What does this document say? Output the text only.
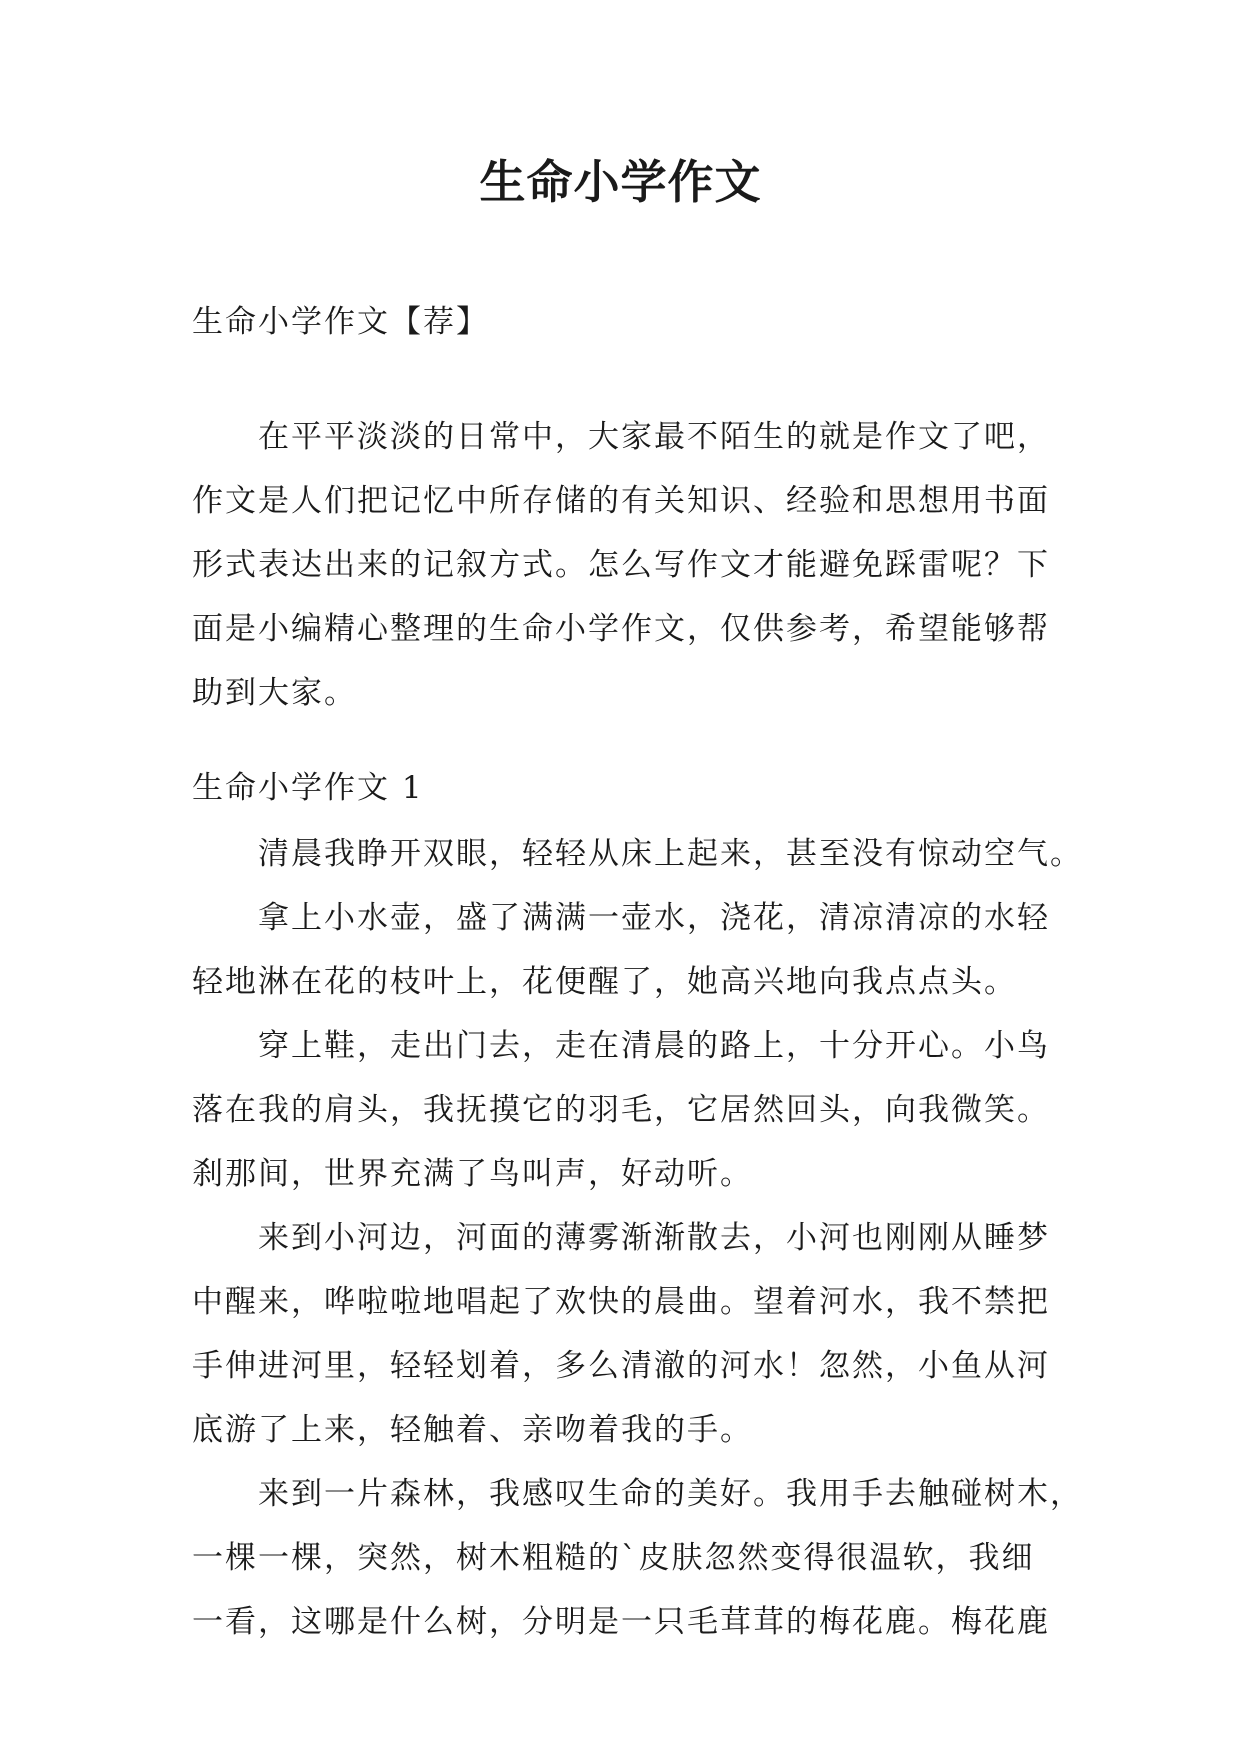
生命小学作文

生命小学作文【荐】

在平平淡淡的日常中，大家最不陌生的就是作文了吧，
作文是人们把记忆中所存储的有关知识、经验和思想用书面
形式表达出来的记叙方式。怎么写作文才能避免踩雷呢？下
面是小编精心整理的生命小学作文，仅供参考，希望能够帮
助到大家。

生命小学作文 1

清晨我睁开双眼，轻轻从床上起来，甚至没有惊动空气。
拿上小水壶，盛了满满一壶水，浇花，清凉清凉的水轻
轻地淋在花的枝叶上，花便醒了，她高兴地向我点点头。
穿上鞋，走出门去，走在清晨的路上，十分开心。小鸟
落在我的肩头，我抚摸它的羽毛，它居然回头，向我微笑。
刹那间，世界充满了鸟叫声，好动听。
来到小河边，河面的薄雾渐渐散去，小河也刚刚从睡梦
中醒来，哗啦啦地唱起了欢快的晨曲。望着河水，我不禁把
手伸进河里，轻轻划着，多么清澈的河水！忽然，小鱼从河
底游了上来，轻触着、亲吻着我的手。
来到一片森林，我感叹生命的美好。我用手去触碰树木，
一棵一棵，突然，树木粗糙的`皮肤忽然变得很温软，我细
一看，这哪是什么树，分明是一只毛茸茸的梅花鹿。梅花鹿
